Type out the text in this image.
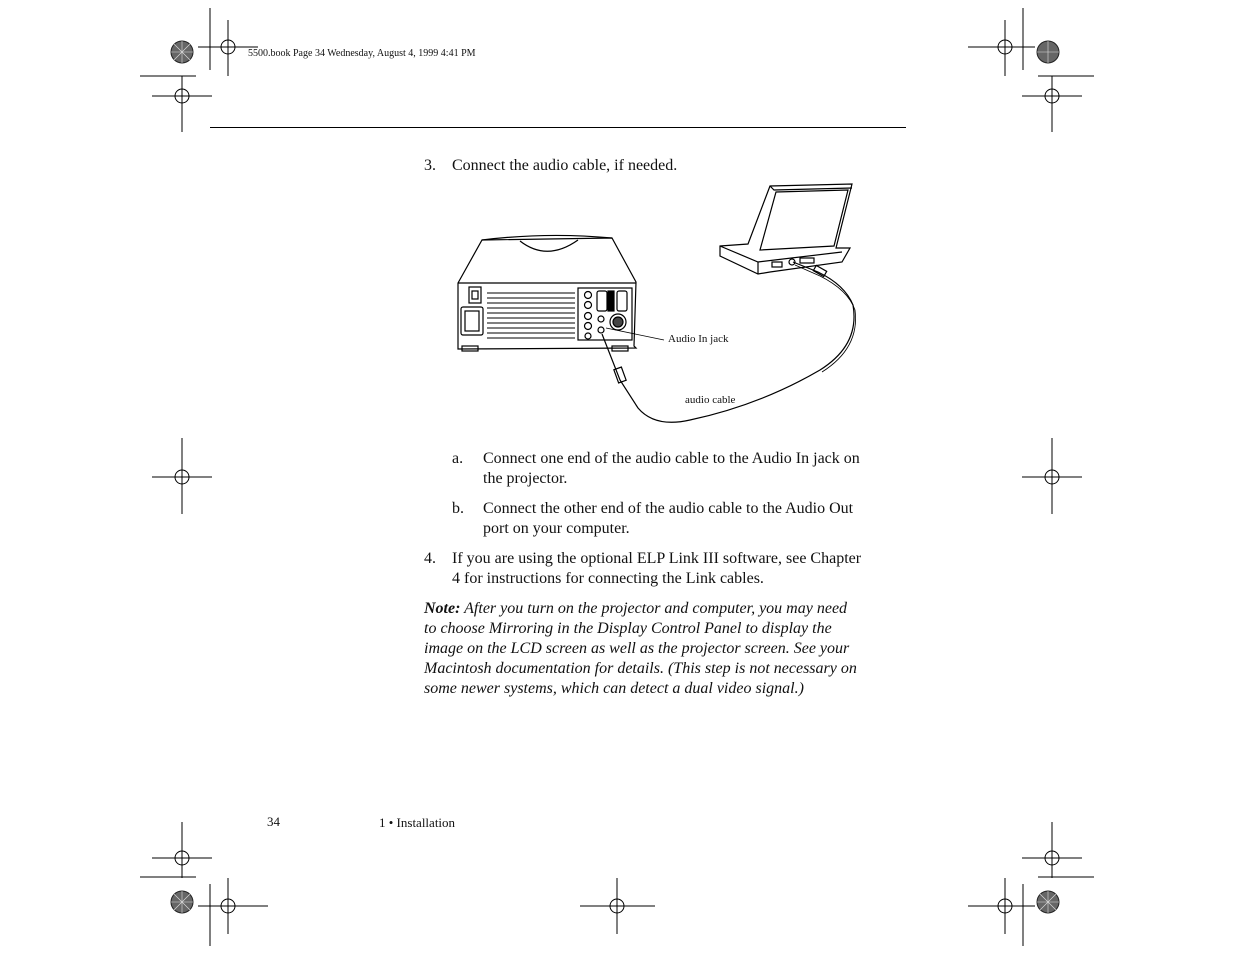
5500.book Page 34 Wednesday, August 4, 1999 4:41 PM
3. Connect the audio cable, if needed.
Audio In jack
audio cable
a. Connect one end of the audio cable to the Audio In jack on
the projector.
b. Connect the other end of the audio cable to the Audio Out
port on your computer.
4. If you are using the optional ELP Link III software, see Chapter
4 for instructions for connecting the Link cables.
Note: After you turn on the projector and computer, you may need
to choose Mirroring in the Display Control Panel to display the
image on the LCD screen as well as the projector screen. See your
Macintosh documentation for details. (This step is not necessary on
some newer systems, which can detect a dual video signal.)
34	1 • Installation
